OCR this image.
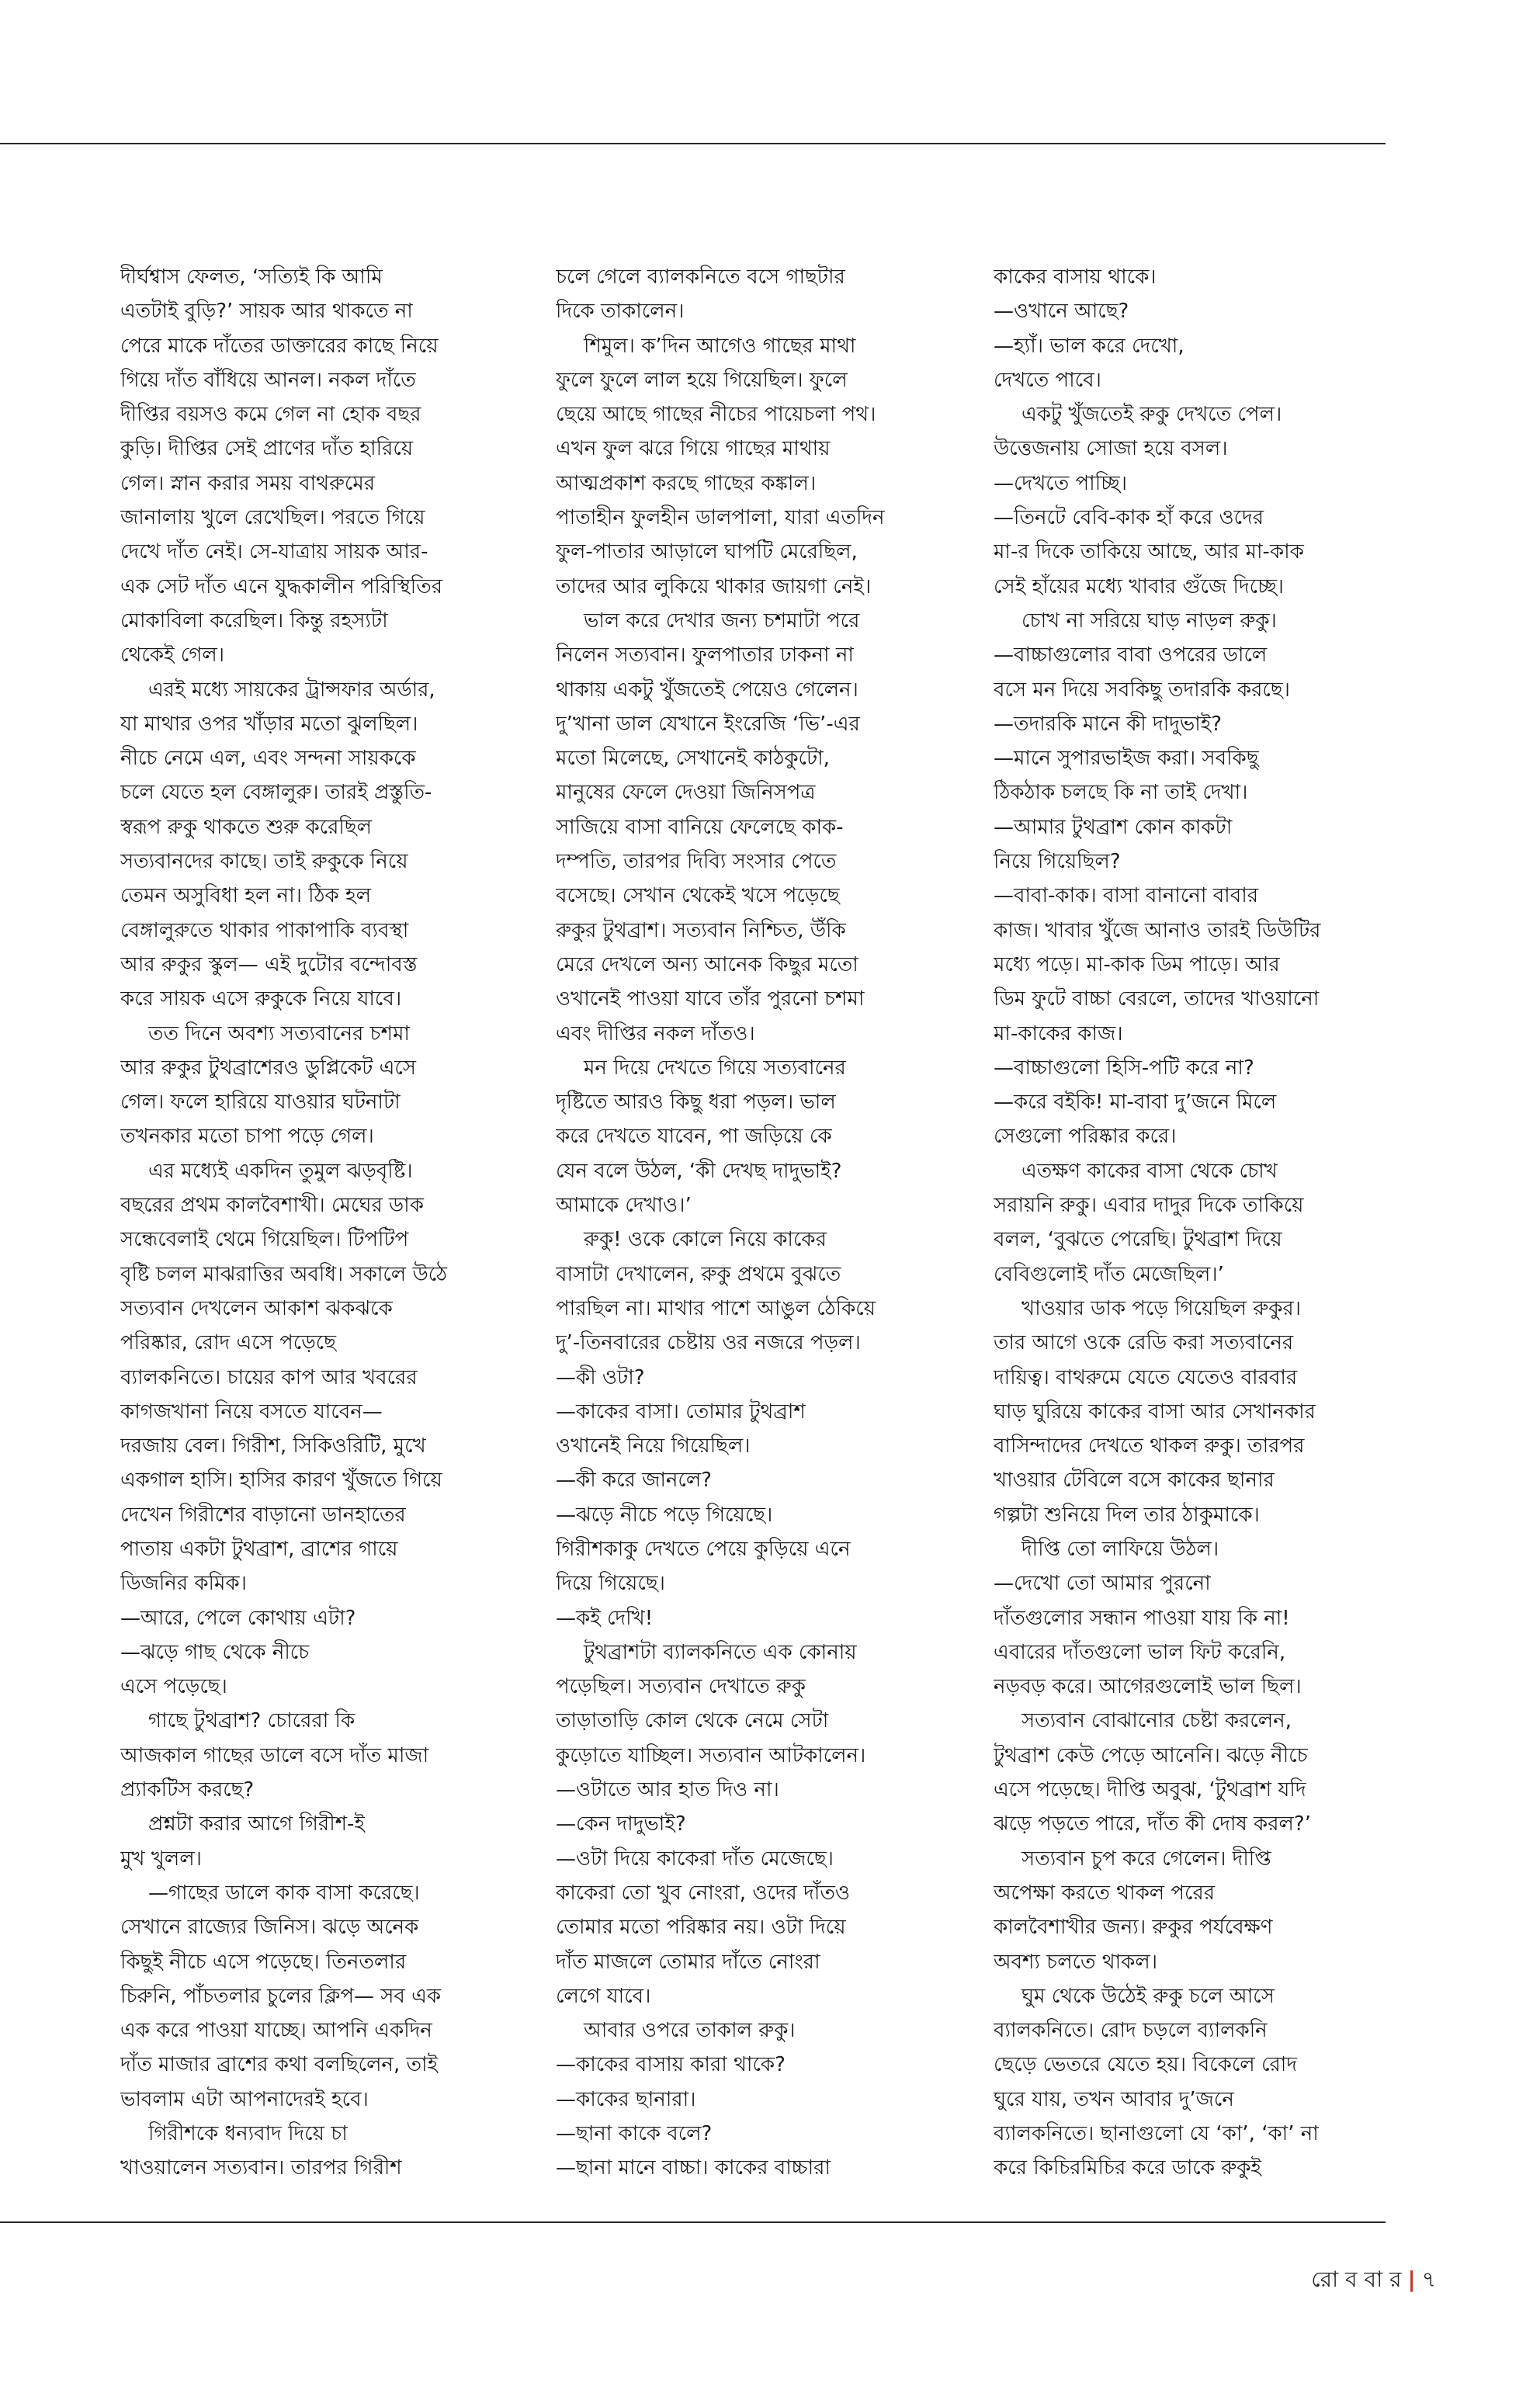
দীর্ঘশ্বাস ফেলত, ‘সত্যিই কি আমি

এতটাই বুড়ি?’ সায়ক আর থাকতে না

পেরে মাকে দাঁতের ডাক্তারের কাছে নিয়ে

গিয়ে দাঁত বাঁধিয়ে আনল। নকল দাঁতে

দীপ্তির বয়সও কমে গেল না হোক বছর

কুড়ি। দীপ্তির সেই প্রাণের দাঁত হারিয়ে

গেল। স্নান করার সময় বাথরুমের

জানালায় খুলে রেখেছিল। পরতে গিয়ে

দেখে দাঁত নেই। সে-যাত্রায় সায়ক আর-

এক সেট দাঁত এনে যুদ্ধকালীন পরিস্থিতির

মোকাবিলা করেছিল। কিন্তু রহস্যটা

থেকেই গেল।

এরই মধ্যে সায়কের ট্রান্সফার অর্ডার,

যা মাথার ওপর খাঁড়ার মতো ঝুলছিল।

নীচে নেমে এল, এবং সন্দনা সায়ককে

চলে যেতে হল বেঙ্গালুরু। তারই প্রস্তুতি-

স্বরূপ রুকু থাকতে শুরু করেছিল

সত্যবানদের কাছে। তাই রুকুকে নিয়ে

তেমন অসুবিধা হল না। ঠিক হল

বেঙ্গালুরুতে থাকার পাকাপাকি ব্যবস্থা

আর রুকুর স্কুল— এই দুটোর বন্দোবস্ত

করে সায়ক এসে রুকুকে নিয়ে যাবে।

তত দিনে অবশ্য সত্যবানের চশমা

আর রুকুর টুথব্রাশেরও ডুপ্লিকেট এসে

গেল। ফলে হারিয়ে যাওয়ার ঘটনাটা

তখনকার মতো চাপা পড়ে গেল।

এর মধ্যেই একদিন তুমুল ঝড়বৃষ্টি।

বছরের প্রথম কালবৈশাখী। মেঘের ডাক

সন্ধেবেলাই থেমে গিয়েছিল। টিপটিপ

বৃষ্টি চলল মাঝরাত্তির অবধি। সকালে উঠে

সত্যবান দেখলেন আকাশ ঝকঝকে

পরিষ্কার, রোদ এসে পড়েছে

ব্যালকনিতে। চায়ের কাপ আর খবরের

কাগজখানা নিয়ে বসতে যাবেন—

দরজায় বেল। গিরীশ, সিকিওরিটি, মুখে

একগাল হাসি। হাসির কারণ খুঁজতে গিয়ে

দেখেন গিরীশের বাড়ানো ডানহাতের

পাতায় একটা টুথব্রাশ, ব্রাশের গায়ে

ডিজনির কমিক।

—আরে, পেলে কোথায় এটা?

—ঝড়ে গাছ থেকে নীচে

এসে পড়েছে।

গাছে টুথব্রাশ? চোরেরা কি

আজকাল গাছের ডালে বসে দাঁত মাজা

প্র্যাকটিস করছে?

প্রশ্নটা করার আগে গিরীশ-ই

মুখ খুলল।

—গাছের ডালে কাক বাসা করেছে।

সেখানে রাজ্যের জিনিস। ঝড়ে অনেক

কিছুই নীচে এসে পড়েছে। তিনতলার

চিরুনি, পাঁচতলার চুলের ক্লিপ— সব এক

এক করে পাওয়া যাচ্ছে। আপনি একদিন

দাঁত মাজার ব্রাশের কথা বলছিলেন, তাই

ভাবলাম এটা আপনাদেরই হবে।

গিরীশকে ধন্যবাদ দিয়ে চা

খাওয়ালেন সত্যবান। তারপর গিরীশ

চলে গেলে ব্যালকনিতে বসে গাছটার

দিকে তাকালেন।

শিমুল। ক’দিন আগেও গাছের মাথা

ফুলে ফুলে লাল হয়ে গিয়েছিল। ফুলে

ছেয়ে আছে গাছের নীচের পায়েচলা পথ।

এখন ফুল ঝরে গিয়ে গাছের মাথায়

আত্মপ্রকাশ করছে গাছের কঙ্কাল।

পাতাহীন ফুলহীন ডালপালা, যারা এতদিন

ফুল-পাতার আড়ালে ঘাপটি মেরেছিল,

তাদের আর লুকিয়ে থাকার জায়গা নেই।

ভাল করে দেখার জন্য চশমাটা পরে

নিলেন সত্যবান। ফুলপাতার ঢাকনা না

থাকায় একটু খুঁজতেই পেয়েও গেলেন।

দু’খানা ডাল যেখানে ইংরেজি ‘ভি’-এর

মতো মিলেছে, সেখানেই কাঠকুটো,

মানুষের ফেলে দেওয়া জিনিসপত্র

সাজিয়ে বাসা বানিয়ে ফেলেছে কাক-

দম্পতি, তারপর দিব্যি সংসার পেতে

বসেছে। সেখান থেকেই খসে পড়েছে

রুকুর টুথব্রাশ। সত্যবান নিশ্চিত, উঁকি

মেরে দেখলে অন্য আনেক কিছুর মতো

ওখানেই পাওয়া যাবে তাঁর পুরনো চশমা

এবং দীপ্তির নকল দাঁতও।

মন দিয়ে দেখতে গিয়ে সত্যবানের

দৃষ্টিতে আরও কিছু ধরা পড়ল। ভাল

করে দেখতে যাবেন, পা জড়িয়ে কে

যেন বলে উঠল, ‘কী দেখছ দাদুভাই?

আমাকে দেখাও।’

রুকু! ওকে কোলে নিয়ে কাকের

বাসাটা দেখালেন, রুকু প্রথমে বুঝতে

পারছিল না। মাথার পাশে আঙুল ঠেকিয়ে

দু’-তিনবারের চেষ্টায় ওর নজরে পড়ল।

—কী ওটা?

—কাকের বাসা। তোমার টুথব্রাশ

ওখানেই নিয়ে গিয়েছিল।

—কী করে জানলে?

—ঝড়ে নীচে পড়ে গিয়েছে।

গিরীশকাকু দেখতে পেয়ে কুড়িয়ে এনে

দিয়ে গিয়েছে।

—কই দেখি!

টুথব্রাশটা ব্যালকনিতে এক কোনায়

পড়েছিল। সত্যবান দেখাতে রুকু

তাড়াতাড়ি কোল থেকে নেমে সেটা

কুড়োতে যাচ্ছিল। সত্যবান আটকালেন।

—ওটাতে আর হাত দিও না।

—কেন দাদুভাই?

—ওটা দিয়ে কাকেরা দাঁত মেজেছে।

কাকেরা তো খুব নোংরা, ওদের দাঁতও

তোমার মতো পরিষ্কার নয়। ওটা দিয়ে

দাঁত মাজলে তোমার দাঁতে নোংরা

লেগে যাবে।

আবার ওপরে তাকাল রুকু।

—কাকের বাসায় কারা থাকে?

—কাকের ছানারা।

—ছানা কাকে বলে?

—ছানা মানে বাচ্চা। কাকের বাচ্চারা

কাকের বাসায় থাকে।

—ওখানে আছে?

—হ্যাঁ। ভাল করে দেখো,

দেখতে পাবে।

একটু খুঁজতেই রুকু দেখতে পেল।

উত্তেজনায় সোজা হয়ে বসল।

—দেখতে পাচ্ছি।

—তিনটে বেবি-কাক হাঁ করে ওদের

মা-র দিকে তাকিয়ে আছে, আর মা-কাক

সেই হাঁয়ের মধ্যে খাবার গুঁজে দিচ্ছে।

চোখ না সরিয়ে ঘাড় নাড়ল রুকু।

—বাচ্চাগুলোর বাবা ওপরের ডালে

বসে মন দিয়ে সবকিছু তদারকি করছে।

—তদারকি মানে কী দাদুভাই?

—মানে সুপারভাইজ করা। সবকিছু

ঠিকঠাক চলছে কি না তাই দেখা।

—আমার টুথব্রাশ কোন কাকটা

নিয়ে গিয়েছিল?

—বাবা-কাক। বাসা বানানো বাবার

কাজ। খাবার খুঁজে আনাও তারই ডিউটির

মধ্যে পড়ে। মা-কাক ডিম পাড়ে। আর

ডিম ফুটে বাচ্চা বেরলে, তাদের খাওয়ানো

মা-কাকের কাজ।

—বাচ্চাগুলো হিসি-পটি করে না?

—করে বইকি! মা-বাবা দু’জনে মিলে

সেগুলো পরিষ্কার করে।

এতক্ষণ কাকের বাসা থেকে চোখ

সরায়নি রুকু। এবার দাদুর দিকে তাকিয়ে

বলল, ‘বুঝতে পেরেছি। টুথব্রাশ দিয়ে

বেবিগুলোই দাঁত মেজেছিল।’

খাওয়ার ডাক পড়ে গিয়েছিল রুকুর।

তার আগে ওকে রেডি করা সত্যবানের

দায়িত্ব। বাথরুমে যেতে যেতেও বারবার

ঘাড় ঘুরিয়ে কাকের বাসা আর সেখানকার

বাসিন্দাদের দেখতে থাকল রুকু। তারপর

খাওয়ার টেবিলে বসে কাকের ছানার

গল্পটা শুনিয়ে দিল তার ঠাকুমাকে।

দীপ্তি তো লাফিয়ে উঠল।

—দেখো তো আমার পুরনো

দাঁতগুলোর সন্ধান পাওয়া যায় কি না!

এবারের দাঁতগুলো ভাল ফিট করেনি,

নড়বড় করে। আগেরগুলোই ভাল ছিল।

সত্যবান বোঝানোর চেষ্টা করলেন,

টুথব্রাশ কেউ পেড়ে আনেনি। ঝড়ে নীচে

এসে পড়েছে। দীপ্তি অবুঝ, ‘টুথব্রাশ যদি

ঝড়ে পড়তে পারে, দাঁত কী দোষ করল?’

সত্যবান চুপ করে গেলেন। দীপ্তি

অপেক্ষা করতে থাকল পরের

কালবৈশাখীর জন্য। রুকুর পর্যবেক্ষণ

অবশ্য চলতে থাকল।

ঘুম থেকে উঠেই রুকু চলে আসে

ব্যালকনিতে। রোদ চড়লে ব্যালকনি

ছেড়ে ভেতরে যেতে হয়। বিকেলে রোদ

ঘুরে যায়, তখন আবার দু’জনে

ব্যালকনিতে। ছানাগুলো যে ‘কা’, ‘কা’ না

করে কিচিরমিচির করে ডাকে রুকুই

রো ব বা র | ৭
